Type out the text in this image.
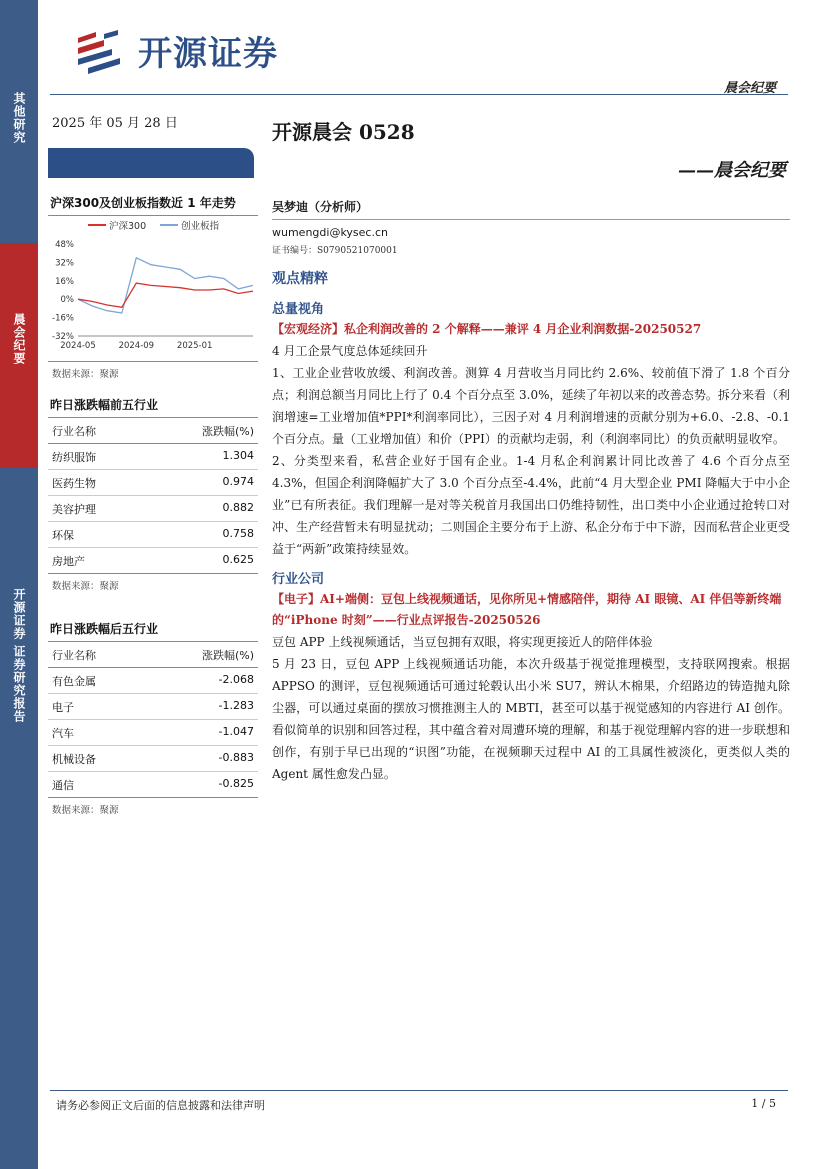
其他研究
晨会纪要
开源证券 证券研究报告
开源证券
晨会纪要
2025 年 05 月 28 日	开源晨会 0528
——晨会纪要
沪深300及创业板指数近 1 年走势
沪深300	创业板指
48%
32%
16%
0%
-16%
-32%
2024-05	2024-09	2025-01
数据来源：聚源
昨日涨跌幅前五行业
行业名称	涨跌幅(%)
纺织服饰	1.304
医药生物	0.974
美容护理	0.882
环保	0.758
房地产	0.625
数据来源：聚源
昨日涨跌幅后五行业
行业名称	涨跌幅(%)
有色金属	-2.068
电子	-1.283
汽车	-1.047
机械设备	-0.883
通信	-0.825
数据来源：聚源
吴梦迪（分析师）
wumengdi@kysec.cn
证书编号：S0790521070001
观点精粹
总量视角
【宏观经济】私企利润改善的 2 个解释——兼评 4 月企业利润数据-20250527
4 月工企景气度总体延续回升
1、工业企业营收放缓、利润改善。测算 4 月营收当月同比约 2.6%、较前值下滑了 1.8 个百分点；利润总额当月同比上行了 0.4 个百分点至 3.0%，延续了年初以来的改善态势。拆分来看（利润增速=工业增加值*PPI*利润率同比），三因子对 4 月利润增速的贡献分别为+6.0、-2.8、-0.1 个百分点。量（工业增加值）和价（PPI）的贡献均走弱，利（利润率同比）的负贡献明显收窄。
2、分类型来看，私营企业好于国有企业。1-4 月私企利润累计同比改善了 4.6 个百分点至 4.3%，但国企利润降幅扩大了 3.0 个百分点至-4.4%，此前“4 月大型企业 PMI 降幅大于中小企业”已有所表征。我们理解一是对等关税首月我国出口仍维持韧性，出口类中小企业通过抢转口对冲、生产经营暂未有明显扰动；二则国企主要分布于上游、私企分布于中下游，因而私营企业更受益于“两新”政策持续显效。
行业公司
【电子】AI+端侧：豆包上线视频通话，见你所见+情感陪伴，期待 AI 眼镜、AI 伴侣等新终端的“iPhone 时刻”——行业点评报告-20250526
豆包 APP 上线视频通话，当豆包拥有双眼，将实现更接近人的陪伴体验
5 月 23 日，豆包 APP 上线视频通话功能，本次升级基于视觉推理模型，支持联网搜索。根据 APPSO 的测评，豆包视频通话可通过轮毂认出小米 SU7，辨认木棉果，介绍路边的铸造抛丸除尘器，可以通过桌面的摆放习惯推测主人的 MBTI，甚至可以基于视觉感知的内容进行 AI 创作。看似简单的识别和回答过程，其中蕴含着对周遭环境的理解，和基于视觉理解内容的进一步联想和创作，有别于早已出现的“识图”功能，在视频聊天过程中 AI 的工具属性被淡化，更类似人类的 Agent 属性愈发凸显。
请务必参阅正文后面的信息披露和法律声明	1 / 5
